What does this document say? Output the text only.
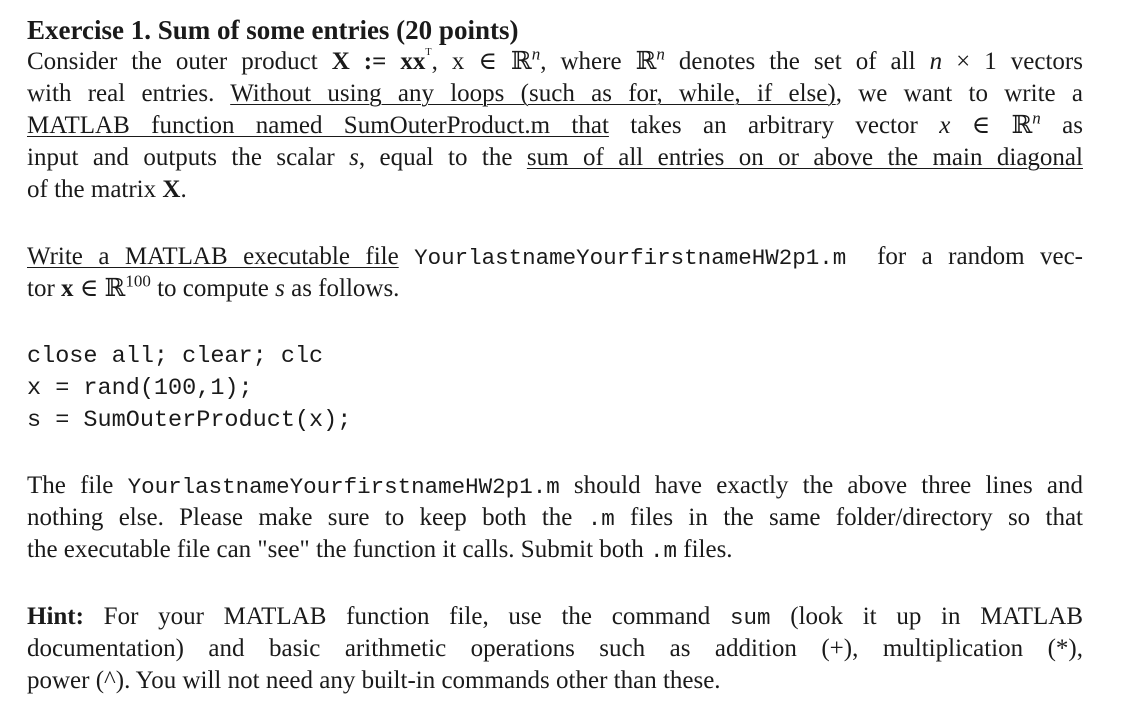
Exercise 1. Sum of some entries (20 points)
Consider the outer product X := $xx^ᵀ$, x ∈ ℝ$^n$, where ℝ$^n$ denotes the set of all n × 1 vectors
with real entries. Without using any loops (such as for, while, if else), we want to write a
MATLAB function named SumOuterProduct.m that takes an arbitrary vector x ∈ ℝ$^n$ as
input and outputs the scalar s, equal to the sum of all entries on or above the main diagonal
of the matrix X.
Write a MATLAB executable file YourlastnameYourfirstnameHW2p1.m  for a random vec-
tor x ∈ ℝ$^{100}$ to compute s as follows.
close all; clear; clc
x = rand(100,1);
s = SumOuterProduct(x);
The file YourlastnameYourfirstnameHW2p1.m should have exactly the above three lines and
nothing else. Please make sure to keep both the .m files in the same folder/directory so that
the executable file can "see" the function it calls. Submit both .m files.
Hint: For your MATLAB function file, use the command sum (look it up in MATLAB
documentation) and basic arithmetic operations such as addition (+), multiplication (*),
power (^). You will not need any built-in commands other than these.
